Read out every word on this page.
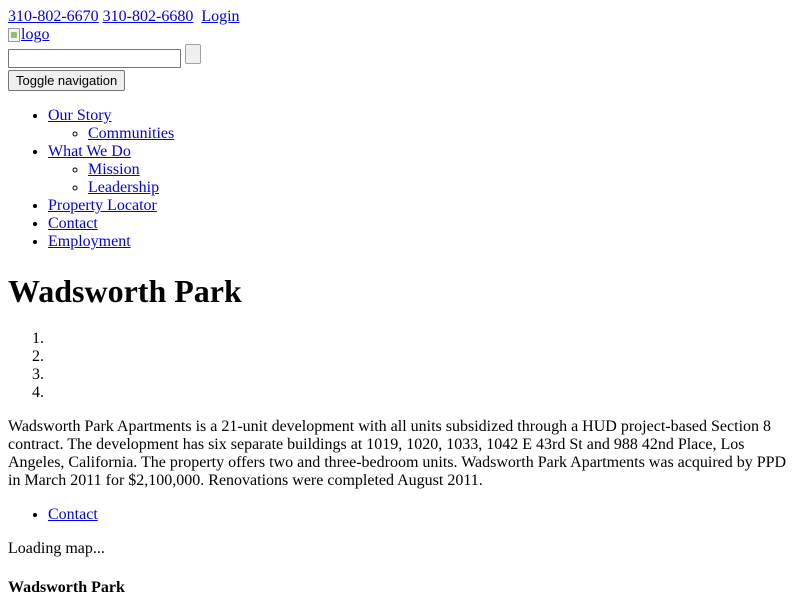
310-802-6670 310-802-6680 Login
logo
Toggle navigation
• Our Story
◦ Communities
• What We Do
◦ Mission
◦ Leadership
• Property Locator
• Contact
• Employment
Wadsworth Park
1.
2.
3.
4.

Wadsworth Park Apartments is a 21-unit development with all units subsidized through a HUD project-based Section 8 contract. The development has six separate buildings at 1019, 1020, 1033, 1042 E 43rd St and 988 42nd Place, Los Angeles, California. The property offers two and three-bedroom units. Wadsworth Park Apartments was acquired by PPD in March 2011 for $2,100,000. Renovations were completed August 2011.

• Contact

Loading map...

Wadsworth Park
